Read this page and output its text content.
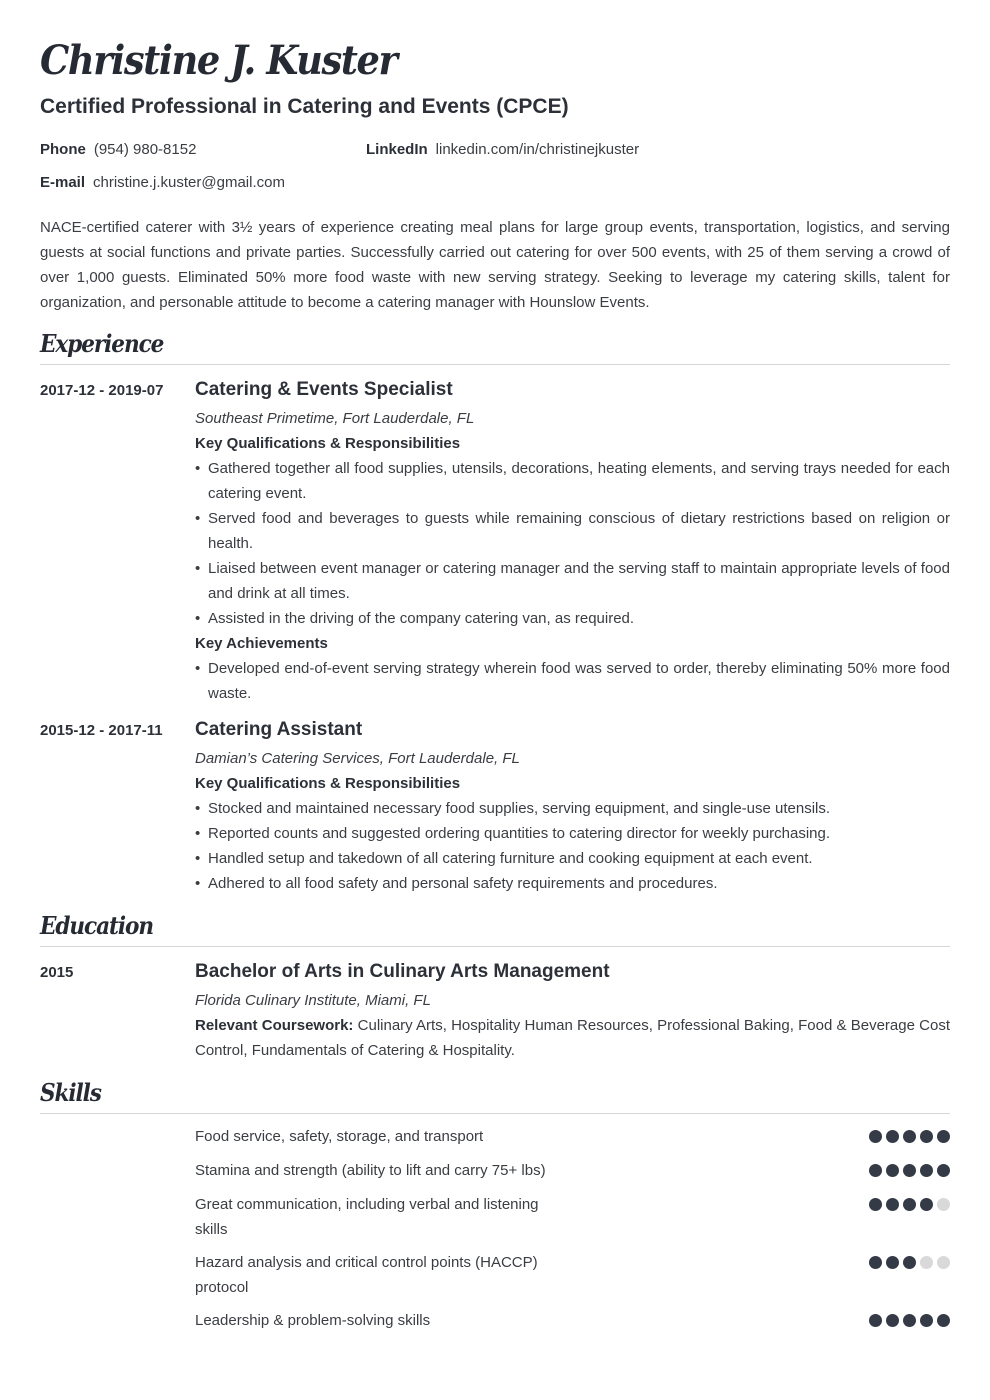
Christine J. Kuster
Certified Professional in Catering and Events (CPCE)
Phone (954) 980-8152	LinkedIn linkedin.com/in/christinejkuster
E-mail christine.j.kuster@gmail.com

NACE-certified caterer with 3½ years of experience creating meal plans for large group events, transportation, logistics, and serving guests at social functions and private parties. Successfully carried out catering for over 500 events, with 25 of them serving a crowd of over 1,000 guests. Eliminated 50% more food waste with new serving strategy. Seeking to leverage my catering skills, talent for organization, and personable attitude to become a catering manager with Hounslow Events.

Experience
2017-12 - 2019-07 Catering & Events Specialist
Southeast Primetime, Fort Lauderdale, FL
Key Qualifications & Responsibilities
• Gathered together all food supplies, utensils, decorations, heating elements, and serving trays needed for each catering event.
• Served food and beverages to guests while remaining conscious of dietary restrictions based on religion or health.
• Liaised between event manager or catering manager and the serving staff to maintain appropriate levels of food and drink at all times.
• Assisted in the driving of the company catering van, as required.
Key Achievements
• Developed end-of-event serving strategy wherein food was served to order, thereby eliminating 50% more food waste.
2015-12 - 2017-11 Catering Assistant
Damian’s Catering Services, Fort Lauderdale, FL
Key Qualifications & Responsibilities
• Stocked and maintained necessary food supplies, serving equipment, and single-use utensils.
• Reported counts and suggested ordering quantities to catering director for weekly purchasing.
• Handled setup and takedown of all catering furniture and cooking equipment at each event.
• Adhered to all food safety and personal safety requirements and procedures.
Education
2015	Bachelor of Arts in Culinary Arts Management
Florida Culinary Institute, Miami, FL
Relevant Coursework: Culinary Arts, Hospitality Human Resources, Professional Baking, Food & Beverage Cost Control, Fundamentals of Catering & Hospitality.
Skills
Food service, safety, storage, and transport
Stamina and strength (ability to lift and carry 75+ lbs)
Great communication, including verbal and listening skills
Hazard analysis and critical control points (HACCP) protocol
Leadership & problem-solving skills
